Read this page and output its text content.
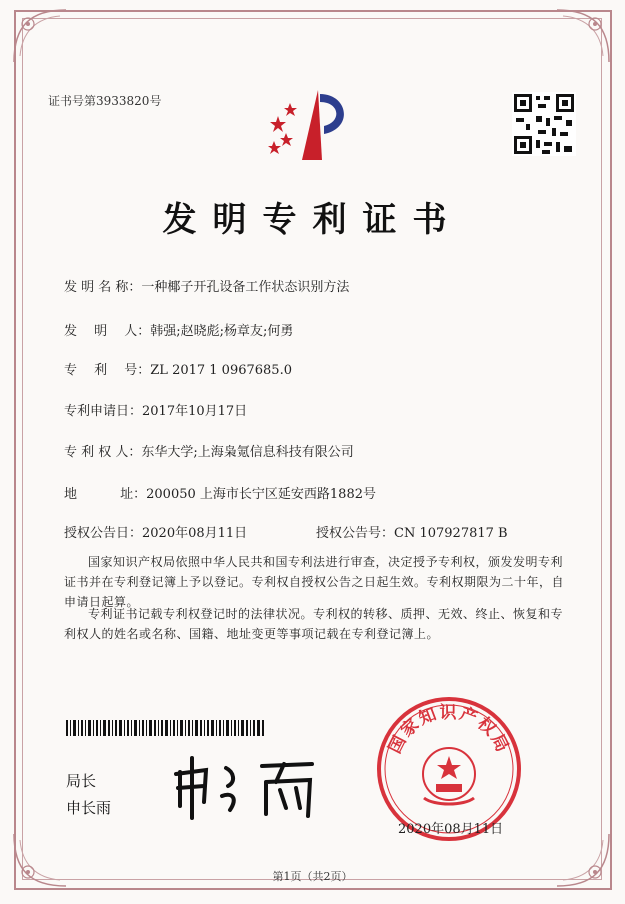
证书号第3933820号
发明专利证书
发 明 名 称：一种椰子开孔设备工作状态识别方法
发　 明　 人：韩强;赵晓彪;杨章友;何勇
专　 利　 号：ZL 2017 1 0967685.0
专利申请日：2017年10月17日
专 利 权 人：东华大学;上海枭氪信息科技有限公司
地　　　 址：200050 上海市长宁区延安西路1882号
授权公告日：2020年08月11日	授权公告号：CN 107927817 B
国家知识产权局依照中华人民共和国专利法进行审查，决定授予专利权，颁发发明专利证书并在专利登记簿上予以登记。专利权自授权公告之日起生效。专利权期限为二十年，自申请日起算。
专利证书记载专利权登记时的法律状况。专利权的转移、质押、无效、终止、恢复和专利权人的姓名或名称、国籍、地址变更等事项记载在专利登记簿上。
局长
申长雨
国家知识产权局
2020年08月11日
第1页（共2页）
